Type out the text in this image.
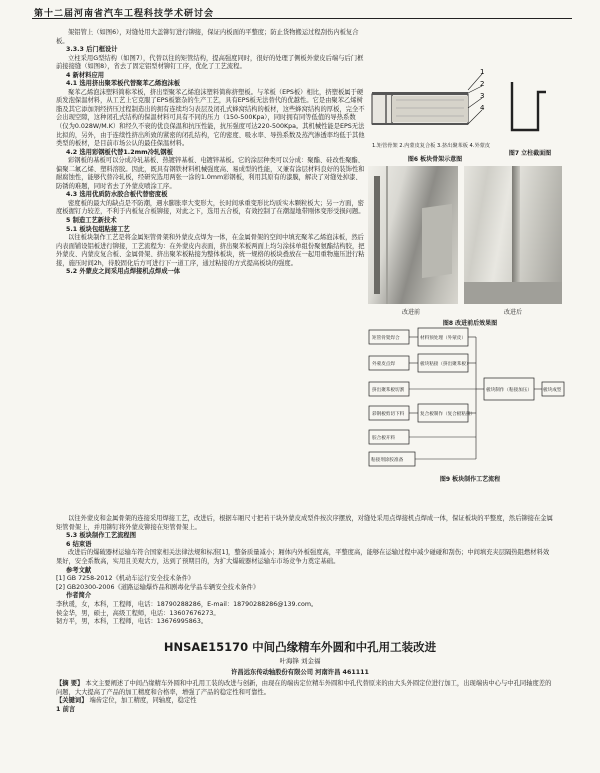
第十二届河南省汽车工程科技学术研讨会

架铝管上（如图6），对缝处用大盖铆钉进行铆接，保证内板面的平整度；防止货物搬运过程刮伤内板复合板。

3.3.3 后门框设计

立柱采用G型结构（如图7），代替以往的矩管结构，提高强度同时，很好的处理了侧板外蒙皮后端与后门框前接接缝（如图8），省去了固定铝型材铆钉工序，优化了工艺流程。

4 新材料应用

4.1 选用挤出聚苯板代替聚苯乙烯泡沫板

聚苯乙烯泡沫塑料简称苯板，挤出型聚苯乙烯泡沫塑料简称挤塑板。与苯板（EPS板）相比，挤塑板属于硬质发泡保温材料，从工艺上它克服了EPS板繁杂的生产工艺，具有EPS板无法替代的优越性。它是由聚苯乙烯树脂及其它添加剂经挤压过程制造出的拥有连续均匀表层及闭孔式蜂窝结构的板材，这些蜂窝结构的厚板，完全不会出现空隙，这种闭孔式结构的保温材料可具有不同的压力（150-500Kpa），同时拥有同等低值的导热系数（仅为0.028W/M.K）和经久不衰的优良保温和抗压性能，抗压强度可达220-500Kpa。其机械性能是EPS无法比拟的，另外，由于连续性挤出所致的紧密的闭孔结构，它的密度、吸水率、导热系数及蒸汽渗透率均低于其他类型的板材，是目前市场公认的最佳保温材料。

4.2 选用彩钢板代替1.2mm冷轧钢板

彩钢板的基板可以分成冷轧基板、热镀锌基板、电镀锌基板。它的涂层种类可以分成：聚酯、硅改性聚酯、偏聚二氟乙烯、塑料溶胶。因此，既具有钢铁材料机械强度高、易成型的性能，又兼有涂层材料良好的装饰性和耐腐蚀性，能够代替冷轧板，经研究选用两张一涂的1.0mm彩钢板，利用其原有的漆膜，解决了对缝处掉漆、防锈的难题，同时省去了外蒙皮喷涂工序。

4.3 选用优质防水胶合板代替密度板

密度板的最大的缺点是不防潮，遇水膨胀率大变形大，长时间承重变形比均质实木颗粒板大；另一方面，密度板握钉力较差，不利于内板复合板铆接，对此之下，选用五合板，有效控制了在潮湿地带刚体变形受损问题。

5 制造工艺新技术

5.1 板块包组粘接工艺

以往板块制作工艺是将金属矩管骨架和外蒙皮点焊为一体，在金属骨架的空间中填充聚苯乙烯泡沫板，然后内表面铺设铝板进行铆接，工艺流程为：在外蒙皮内表面，挤出聚苯板两面上均匀涂抹单组份聚氨酯结构胶，把外蒙皮、内蒙皮复合板、金属骨架、挤出聚苯板粘接为整体板块，统一规格的板块叠放在一起用重物施压进行粘接，施压时间2h，待胶固化后方可进行下一道工序，通过粘接的方式提高板块的强度。

5.2 外蒙皮之间采用点焊接机点焊成一体

1
2
3
4
1.矩管骨架 2.内蒙皮复合板 3.挤出聚苯板 4.外蒙皮
图6 板块骨架示意图
图7 立柱截面图
改进前	改进后
图8 改进前后效果图
矩管骨架焊合	材料预处理（外蒙皮）
外蒙皮点焊	板块粘接（挤出聚苯板）
挤出聚苯板切割
彩钢板剪切下料	复合板制作（复合板粘接）
胶合板开料
板块制作（粘接加压）
粘接剂涂胶准备
板块成型
图9 板块制作工艺流程

以往外蒙皮和金属骨架的连接采用焊接工艺，改进后，根据车厢尺寸把若干块外蒙皮成型件按次序摆放，对缝处采用点焊接机点焊成一体，保证板块的平整度，然后铆接在金属矩管骨架上，并用铆钉将外蒙皮铆接在矩管骨架上。

5.3 板块制作工艺流程图

6 结束语

改进后的爆破器材运输车符合国家相关法律法规和标准[1]，整备质量减小；厢体内外板强度高，平整度高，能够在运输过程中减少碰碰和刮伤；中间填充夹层隔热阻燃材料效果好，安全系数高，实用且美观大方，达到了预期目的，为扩大爆破器材运输车市场竞争力奠定基础。

参考文献

[1] GB 7258-2012《机动车运行安全技术条件》

[2] GB20300-2006《道路运输爆炸品和剧毒化学品车辆安全技术条件》

作者简介

李秋瑗，女，本科，工程师，电话：18790288286，E-mail：18790288286@139.com。

侯金华，男，硕士，高级工程师，电话：13607676273。

韧方平，男，本科，工程师，电话：13676995863。

HNSAE15170 中间凸缘精车外圆和中孔用工装改进
叶海锋 刘金福
许昌远东传动轴股份有限公司 河南许昌 461111

【摘 要】 本文主要阐述了中间凸缘精车外圆和中孔用工装的改进与创新，由现在的端齿定位精车外圆和中孔代替原来的由大头外圆定位进行加工，出现端齿中心与中孔同轴度差的问题，大大提高了产品的加工精度和合格率，增强了产品的稳定性和可靠性。

【关键词】 端齿定位，加工精度，同轴度，稳定性

1 前言
